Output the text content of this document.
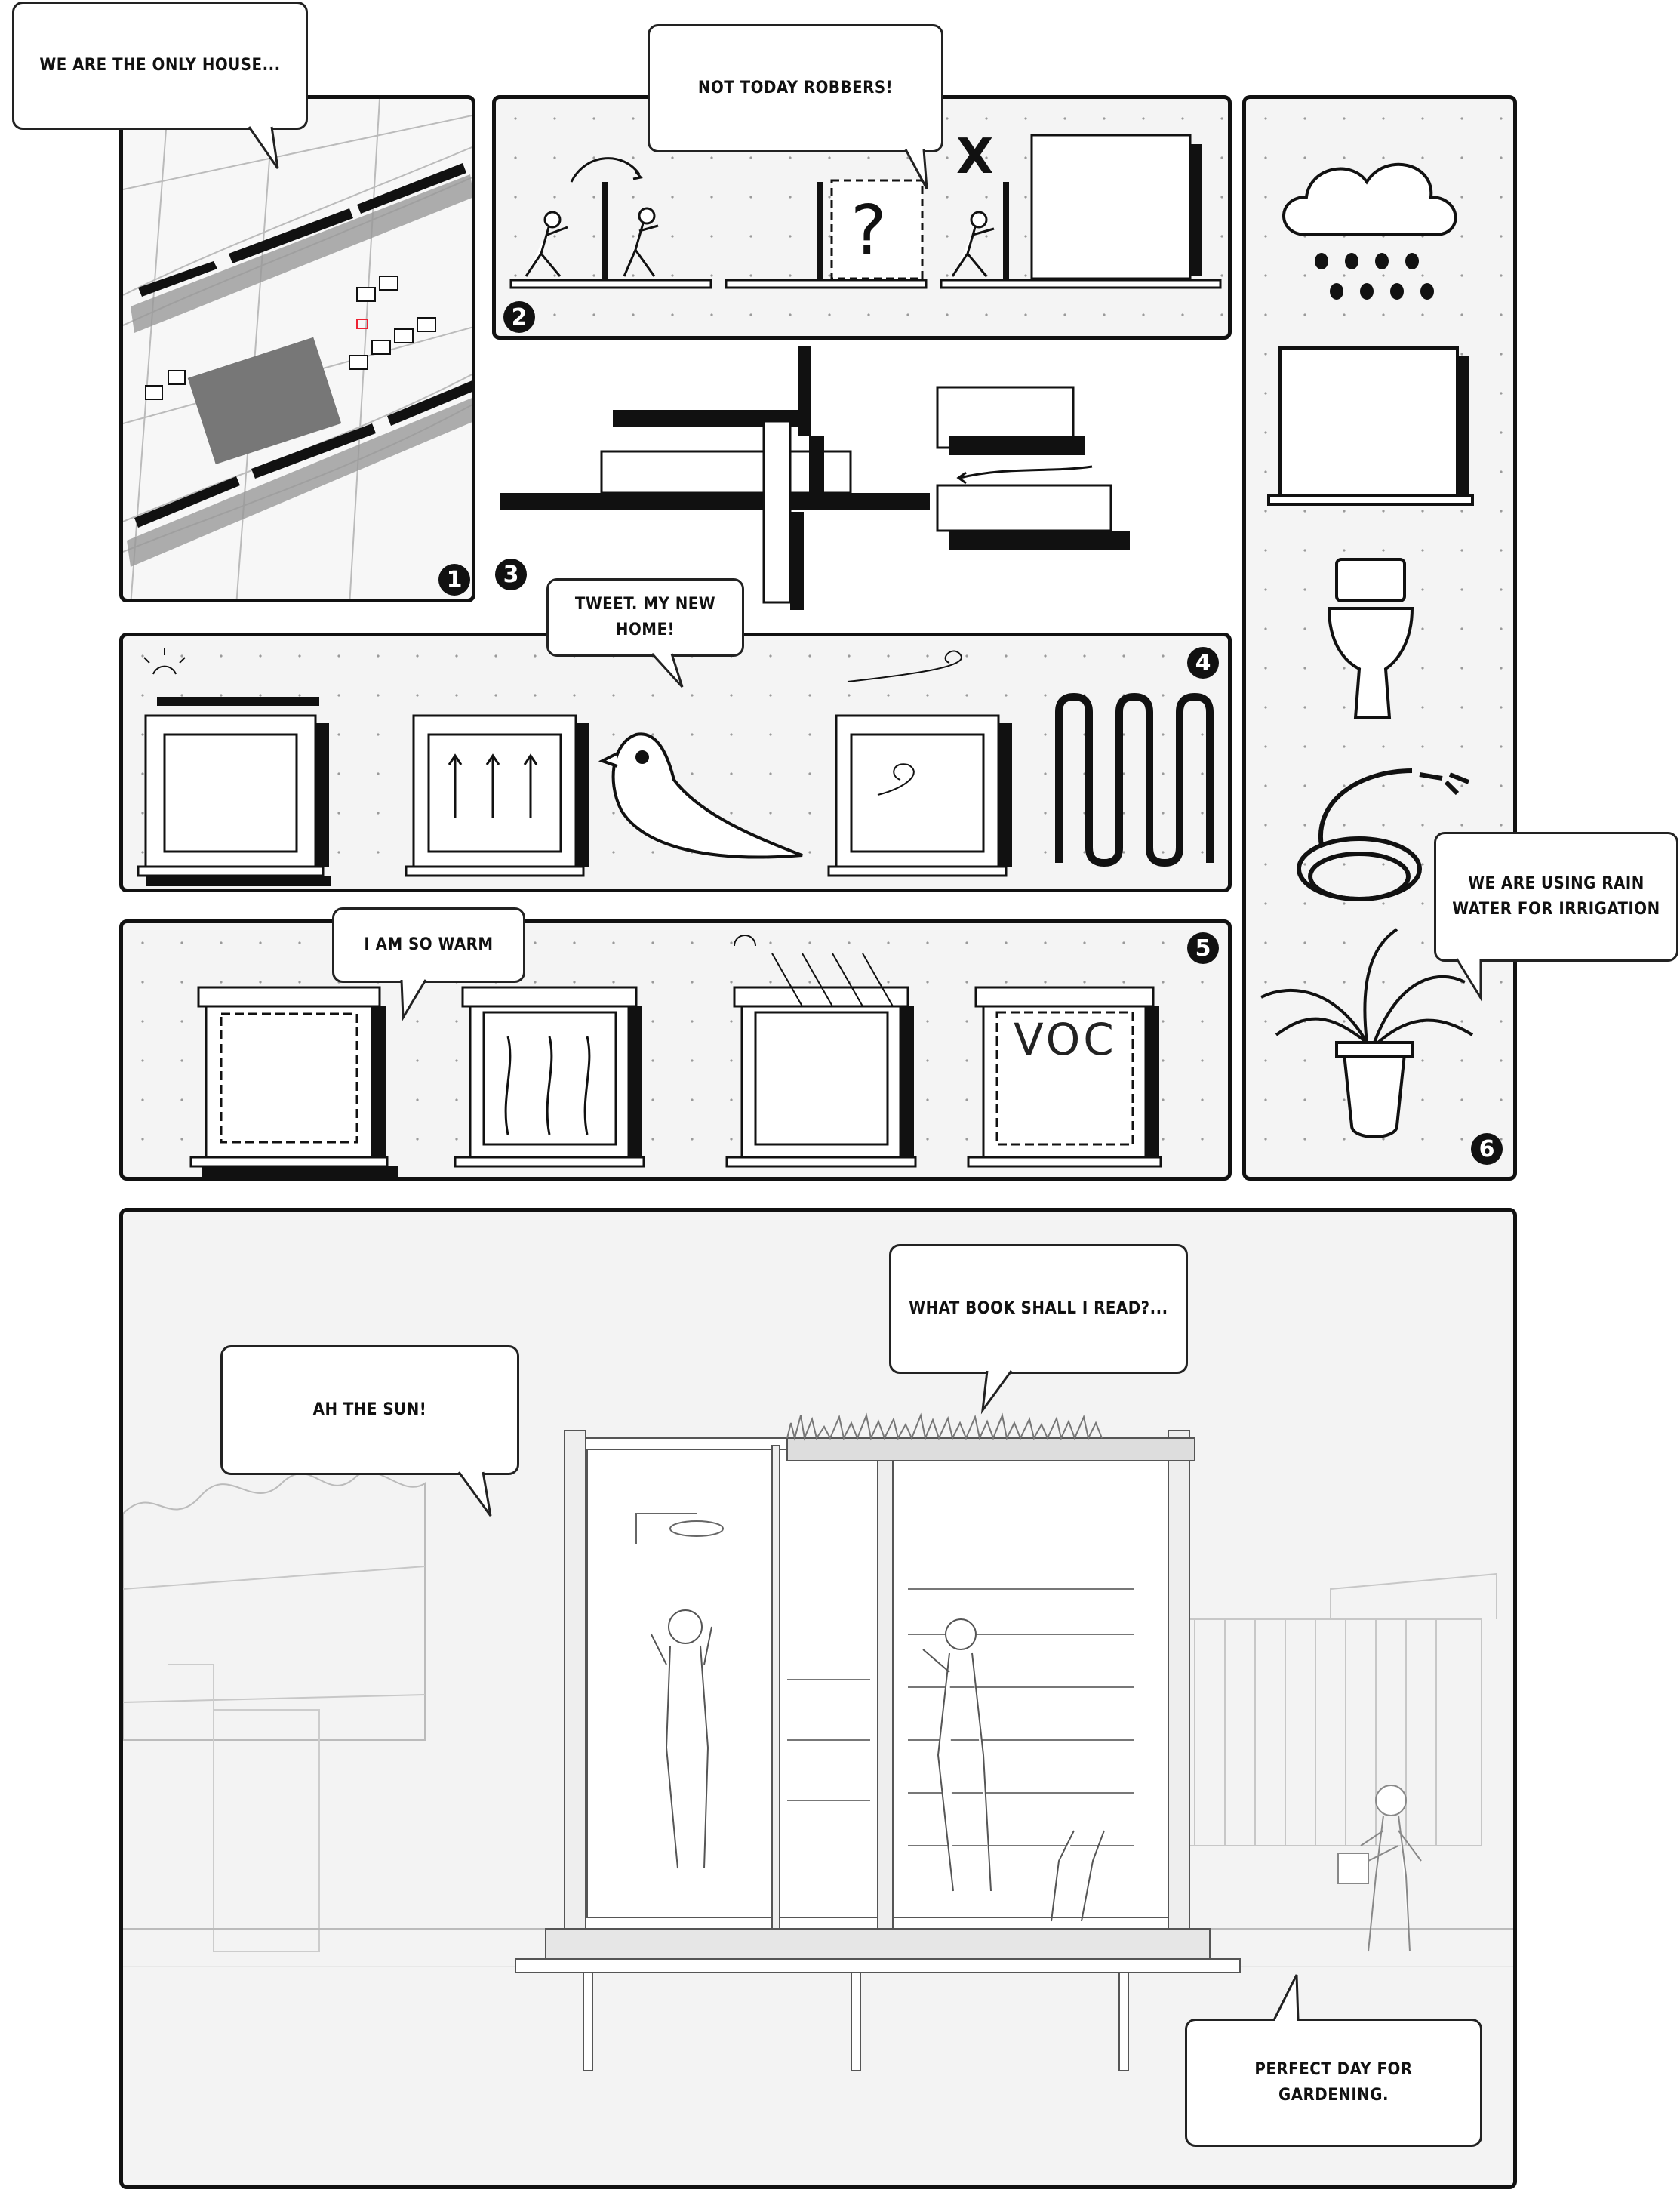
1
?
X
2
3
4
VOC
5
6
WE ARE THE ONLY HOUSE...
NOT TODAY ROBBERS!
TWEET. MY NEW HOME!
I AM SO WARM
WE ARE USING RAIN WATER FOR IRRIGATION
WHAT BOOK SHALL I READ?...
AH THE SUN!
PERFECT DAY FOR GARDENING.
